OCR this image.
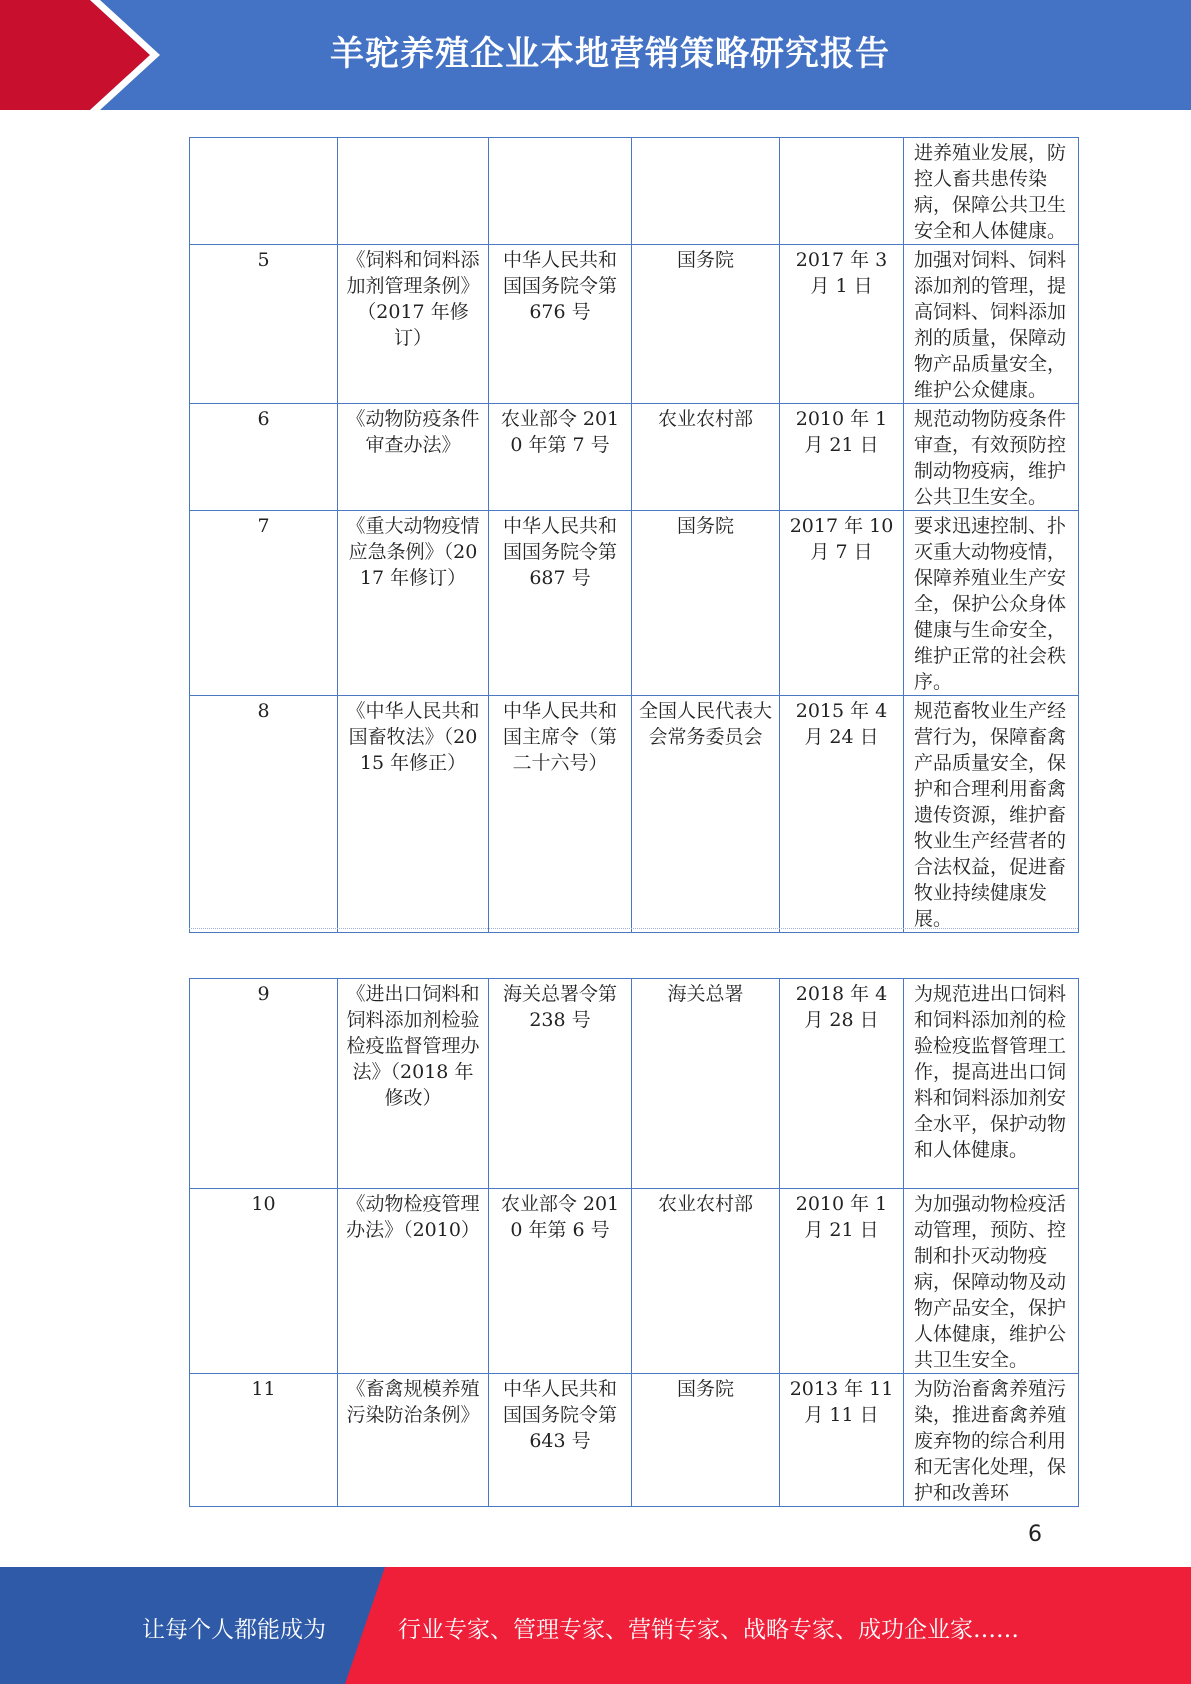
羊驼养殖企业本地营销策略研究报告
					进养殖业发展，防控人畜共患传染病，保障公共卫生安全和人体健康。
5	《饲料和饲料添加剂管理条例》（2017 年修订）	中华人民共和国国务院令第 676 号	国务院	2017 年 3 月 1 日	加强对饲料、饲料添加剂的管理，提高饲料、饲料添加剂的质量，保障动物产品质量安全，维护公众健康。
6	《动物防疫条件审查办法》	农业部令 2010 年第 7 号	农业农村部	2010 年 1 月 21 日	规范动物防疫条件审查，有效预防控制动物疫病，维护公共卫生安全。
7	《重大动物疫情应急条例》（2017 年修订）	中华人民共和国国务院令第 687 号	国务院	2017 年 10 月 7 日	要求迅速控制、扑灭重大动物疫情，保障养殖业生产安全，保护公众身体健康与生命安全，维护正常的社会秩序。
8	《中华人民共和国畜牧法》（2015 年修正）	中华人民共和国主席令（第二十六号）	全国人民代表大会常务委员会	2015 年 4 月 24 日	规范畜牧业生产经营行为，保障畜禽产品质量安全，保护和合理利用畜禽遗传资源，维护畜牧业生产经营者的合法权益，促进畜牧业持续健康发展。
9	《进出口饲料和饲料添加剂检验检疫监督管理办法》（2018 年修改）	海关总署令第 238 号	海关总署	2018 年 4 月 28 日	为规范进出口饲料和饲料添加剂的检验检疫监督管理工作，提高进出口饲料和饲料添加剂安全水平，保护动物和人体健康。
10	《动物检疫管理办法》（2010）	农业部令 2010 年第 6 号	农业农村部	2010 年 1 月 21 日	为加强动物检疫活动管理，预防、控制和扑灭动物疫病，保障动物及动物产品安全，保护人体健康，维护公共卫生安全。
11	《畜禽规模养殖污染防治条例》	中华人民共和国国务院令第 643 号	国务院	2013 年 11 月 11 日	为防治畜禽养殖污染，推进畜禽养殖废弃物的综合利用和无害化处理，保护和改善环
6
让每个人都能成为	行业专家、管理专家、营销专家、战略专家、成功企业家……
